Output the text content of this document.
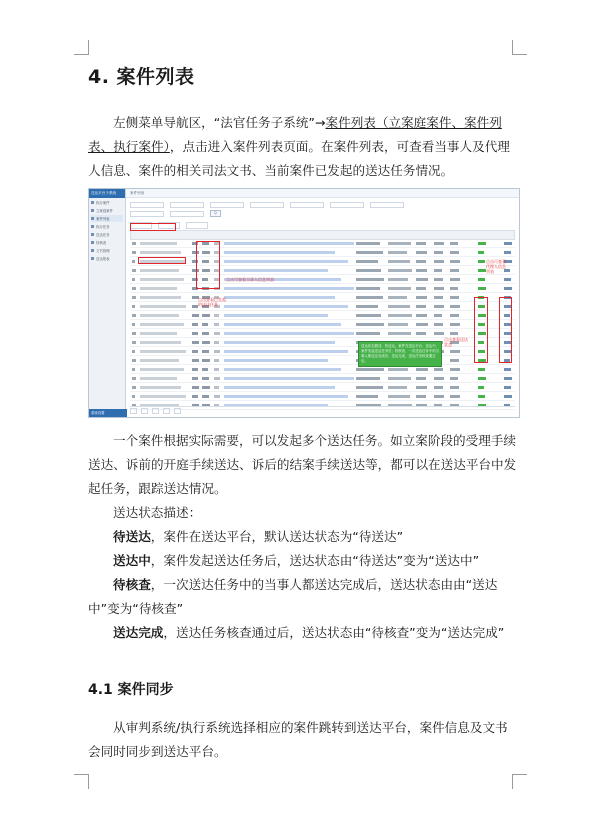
4. 案件列表
左侧菜单导航区，“法官任务子系统”→案件列表（立案庭案件、案件列表、执行案件），点击进入案件列表页面。在案件列表，可查看当事人及代理人信息、案件的相关司法文书、当前案件已发起的送达任务情况。
送达平台子系统
执行案件
立案庭案件
案件列表
执行任务
送达任务
待核查
文书管理
送达报表
系统设置
案件列表
Q
点击可查看当事人信息列表
点击查看已发起的送达任务
点击可查看代理人信息列表
点击查看送达状态
送达状态描述：待送达，案件在送达平台；送达中，案件发起送达任务后；待核查，一次送达任务中的当事人都送达完成后；送达完成，送达任务核查通过后。
一个案件根据实际需要，可以发起多个送达任务。如立案阶段的受理手续送达、诉前的开庭手续送达、诉后的结案手续送达等，都可以在送达平台中发起任务，跟踪送达情况。
送达状态描述：
待送达，案件在送达平台，默认送达状态为“待送达”
送达中，案件发起送达任务后，送达状态由“待送达”变为“送达中”
待核查，一次送达任务中的当事人都送达完成后，送达状态由由“送达中”变为“待核查”
送达完成，送达任务核查通过后，送达状态由“待核查”变为“送达完成”
4.1 案件同步
从审判系统/执行系统选择相应的案件跳转到送达平台，案件信息及文书会同时同步到送达平台。
